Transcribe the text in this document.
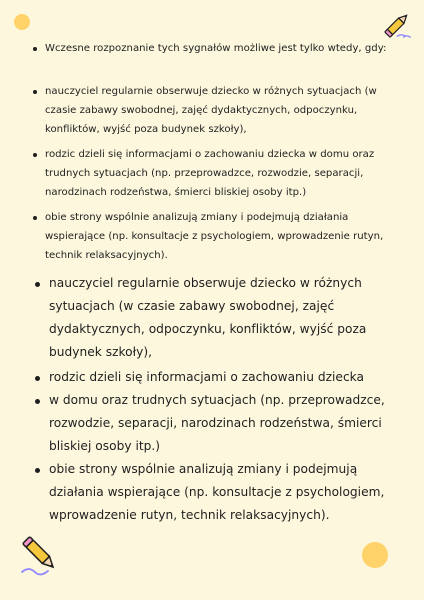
Wczesne rozpoznanie tych sygnałów możliwe jest tylko wtedy, gdy:
nauczyciel regularnie obserwuje dziecko w różnych sytuacjach (w czasie zabawy swobodnej, zajęć dydaktycznych, odpoczynku, konfliktów, wyjść poza budynek szkoły),
rodzic dzieli się informacjami o zachowaniu dziecka w domu oraz trudnych sytuacjach (np. przeprowadzce, rozwodzie, separacji, narodzinach rodzeństwa, śmierci bliskiej osoby itp.)
obie strony wspólnie analizują zmiany i podejmują działania wspierające (np. konsultacje z psychologiem, wprowadzenie rutyn, technik relaksacyjnych).
nauczyciel regularnie obserwuje dziecko w różnych sytuacjach (w czasie zabawy swobodnej, zajęć dydaktycznych, odpoczynku, konfliktów, wyjść poza budynek szkoły),
rodzic dzieli się informacjami o zachowaniu dziecka
w domu oraz trudnych sytuacjach (np. przeprowadzce, rozwodzie, separacji, narodzinach rodzeństwa, śmierci bliskiej osoby itp.)
obie strony wspólnie analizują zmiany i podejmują działania wspierające (np. konsultacje z psychologiem, wprowadzenie rutyn, technik relaksacyjnych).
